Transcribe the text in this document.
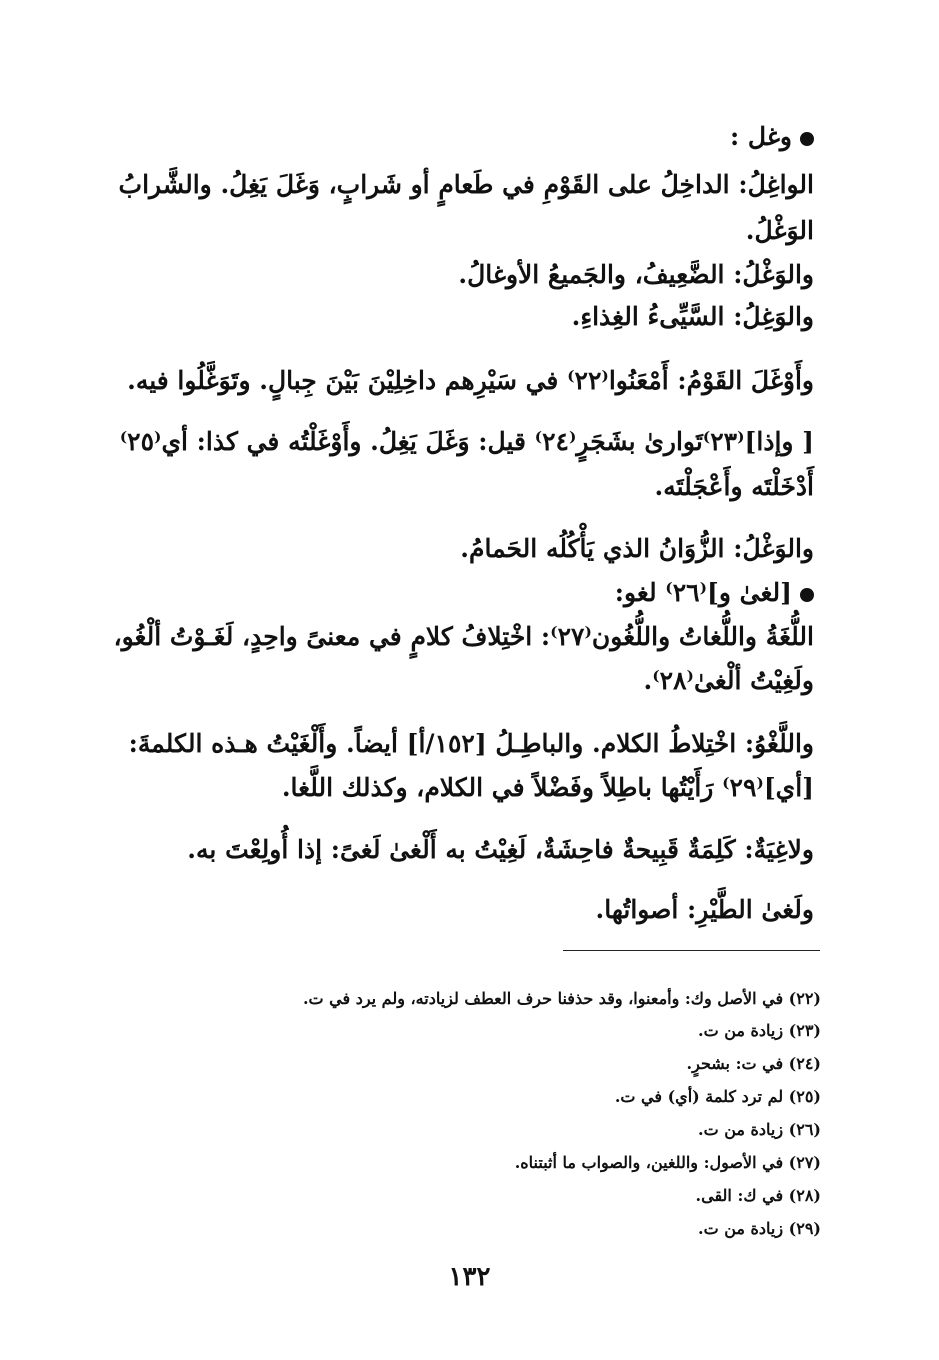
وغل :
الواغِلُ: الداخِلُ على القَوْمِ في طَعامٍ أو شَرابٍ، وَغَلَ يَغِلُ. والشَّرابُ
الوَغْلُ.
والوَغْلُ: الضَّعِيفُ، والجَميعُ الأوغالُ.
والوَغِلُ: السَّيِّىءُ الغِذاءِ.
وأَوْغَلَ القَوْمُ: أَمْعَنُوا⁽٢٢⁾ في سَيْرِهم داخِلِيْنَ بَيْنَ جِبالٍ. وتَوَغَّلُوا فيه.
[ وإذا]⁽٢٣⁾تَوارىٰ بشَجَرٍ⁽٢٤⁾ قيل: وَغَلَ يَغِلُ. وأَوْغَلْتُه في كذا: أي⁽٢٥⁾
أَدْخَلْتَه وأَعْجَلْتَه.
والوَغْلُ: الزُّوَانُ الذي يَأْكُلُه الحَمامُ.
[لغىٰ و]⁽٢٦⁾ لغو:
اللُّغَةُ واللُّغاتُ واللُّغُون⁽٢٧⁾: اخْتِلافُ كلامٍ في معنىً واحِدٍ، لَغَـوْتُ ألْغُو،
ولَغِيْتُ ألْغىٰ⁽٢٨⁾.
واللَّغْوُ: اخْتِلاطُ الكلام. والباطِـلُ [١٥٢/أ] أيضاً. وأَلْغَيْتُ هـذه الكلمةَ:
[أي]⁽٢٩⁾ رَأَيْتُها باطِلاً وفَضْلاً في الكلام، وكذلك اللَّغا.
ولاغِيَةٌ: كَلِمَةٌ قَبِيحةٌ فاحِشَةٌ، لَغِيْتُ به أَلْغىٰ لَغىً: إذا أُولِعْتَ به.
ولَغىٰ الطَّيْرِ: أصواتُها.
(٢٢) في الأصل وك: وأمعنوا، وقد حذفنا حرف العطف لزيادته، ولم يرد في ت.
(٢٣) زيادة من ت.
(٢٤) في ت: بشحرٍ.
(٢٥) لم ترد كلمة (أي) في ت.
(٢٦) زيادة من ت.
(٢٧) في الأصول: واللغين، والصواب ما أثبتناه.
(٢٨) في ك: القى.
(٢٩) زيادة من ت.
١٣٢
